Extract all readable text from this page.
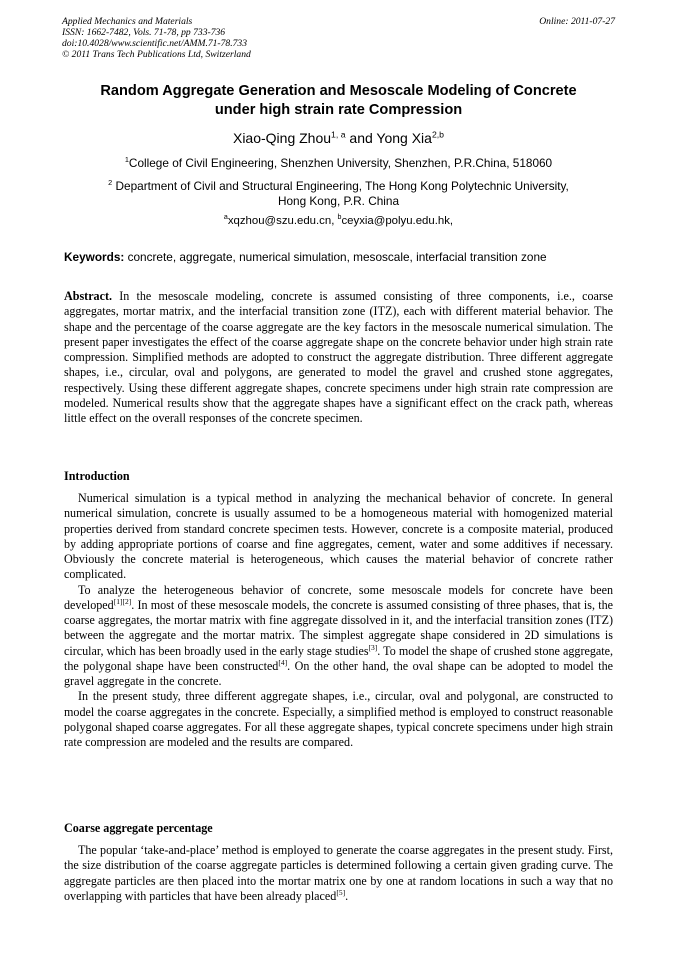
Applied Mechanics and Materials	Online: 2011-07-27
ISSN: 1662-7482, Vols. 71-78, pp 733-736
doi:10.4028/www.scientific.net/AMM.71-78.733
© 2011 Trans Tech Publications Ltd, Switzerland
Random Aggregate Generation and Mesoscale Modeling of Concrete
under high strain rate Compression
Xiao-Qing Zhou$^{1, a}$ and Yong Xia$^{2,b}$
$^1$College of Civil Engineering, Shenzhen University, Shenzhen, P.R.China, 518060
$^2$ Department of Civil and Structural Engineering, The Hong Kong Polytechnic University,
Hong Kong, P.R. China
$^a$xqzhou@szu.edu.cn, $^b$ceyxia@polyu.edu.hk,
Keywords: concrete, aggregate, numerical simulation, mesoscale, interfacial transition zone

Abstract. In the mesoscale modeling, concrete is assumed consisting of three components, i.e., coarse aggregates, mortar matrix, and the interfacial transition zone (ITZ), each with different material behavior. The shape and the percentage of the coarse aggregate are the key factors in the mesoscale numerical simulation. The present paper investigates the effect of the coarse aggregate shape on the concrete behavior under high strain rate compression. Simplified methods are adopted to construct the aggregate distribution. Three different aggregate shapes, i.e., circular, oval and polygons, are generated to model the gravel and crushed stone aggregates, respectively. Using these different aggregate shapes, concrete specimens under high strain rate compression are modeled. Numerical results show that the aggregate shapes have a significant effect on the crack path, whereas little effect on the overall responses of the concrete specimen.

Introduction

Numerical simulation is a typical method in analyzing the mechanical behavior of concrete. In general numerical simulation, concrete is usually assumed to be a homogeneous material with homogenized material properties derived from standard concrete specimen tests. However, concrete is a composite material, produced by adding appropriate portions of coarse and fine aggregates, cement, water and some additives if necessary. Obviously the concrete material is heterogeneous, which causes the material behavior of concrete rather complicated.

To analyze the heterogeneous behavior of concrete, some mesoscale models for concrete have been developed[1][2]. In most of these mesoscale models, the concrete is assumed consisting of three phases, that is, the coarse aggregates, the mortar matrix with fine aggregate dissolved in it, and the interfacial transition zones (ITZ) between the aggregate and the mortar matrix. The simplest aggregate shape considered in 2D simulations is circular, which has been broadly used in the early stage studies[3]. To model the shape of crushed stone aggregate, the polygonal shape have been constructed[4]. On the other hand, the oval shape can be adopted to model the gravel aggregate in the concrete.

In the present study, three different aggregate shapes, i.e., circular, oval and polygonal, are constructed to model the coarse aggregates in the concrete. Especially, a simplified method is employed to construct reasonable polygonal shaped coarse aggregates. For all these aggregate shapes, typical concrete specimens under high strain rate compression are modeled and the results are compared.

Coarse aggregate percentage

The popular ‘take-and-place’ method is employed to generate the coarse aggregates in the present study. First, the size distribution of the coarse aggregate particles is determined following a certain given grading curve. The aggregate particles are then placed into the mortar matrix one by one at random locations in such a way that no overlapping with particles that have been already placed[5].
